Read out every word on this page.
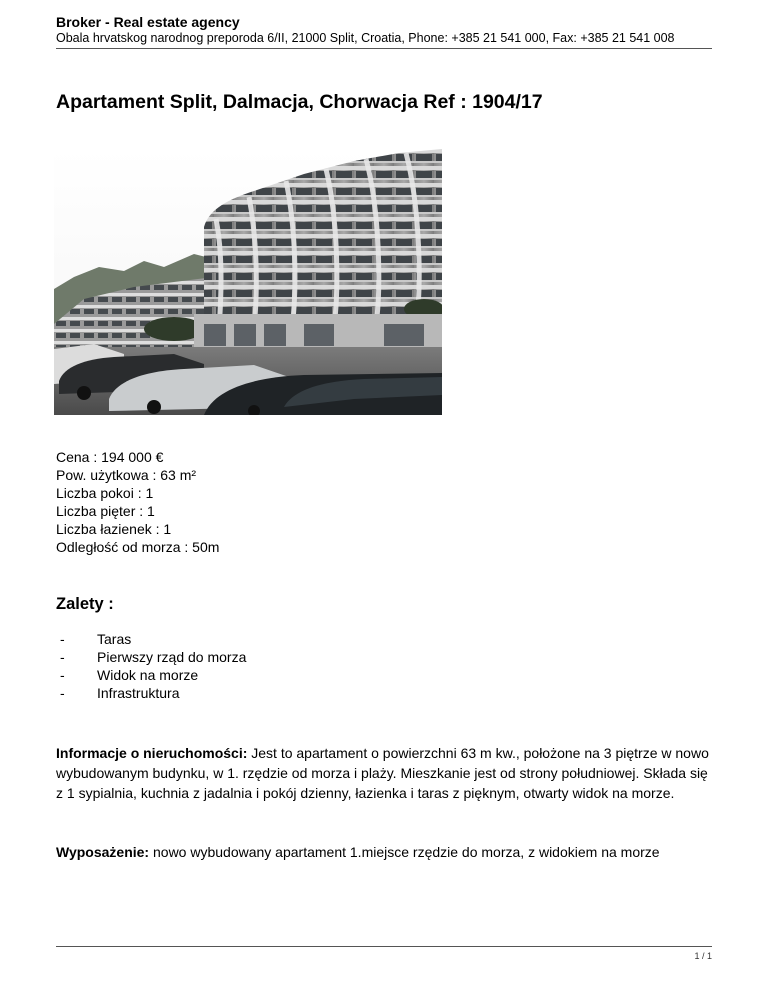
Broker - Real estate agency
Obala hrvatskog narodnog preporoda 6/II, 21000 Split, Croatia, Phone: +385 21 541 000, Fax: +385 21 541 008
Apartament Split, Dalmacja, Chorwacja Ref : 1904/17
Cena : 194 000 €
Pow. użytkowa : 63 m²
Liczba pokoi : 1
Liczba pięter : 1
Liczba łazienek : 1
Odległość od morza : 50m
Zalety :
- Taras
- Pierwszy rząd do morza
- Widok na morze
- Infrastruktura

Informacje o nieruchomości: Jest to apartament o powierzchni 63 m kw., położone na 3 piętrze w nowo wybudowanym budynku, w 1. rzędzie od morza i plaży. Mieszkanie jest od strony południowej. Składa się z 1 sypialnia, kuchnia z jadalnia i pokój dzienny, łazienka i taras z pięknym, otwarty widok na morze.

Wyposażenie: nowo wybudowany apartament 1.miejsce rzędzie do morza, z widokiem na morze

1 / 1
